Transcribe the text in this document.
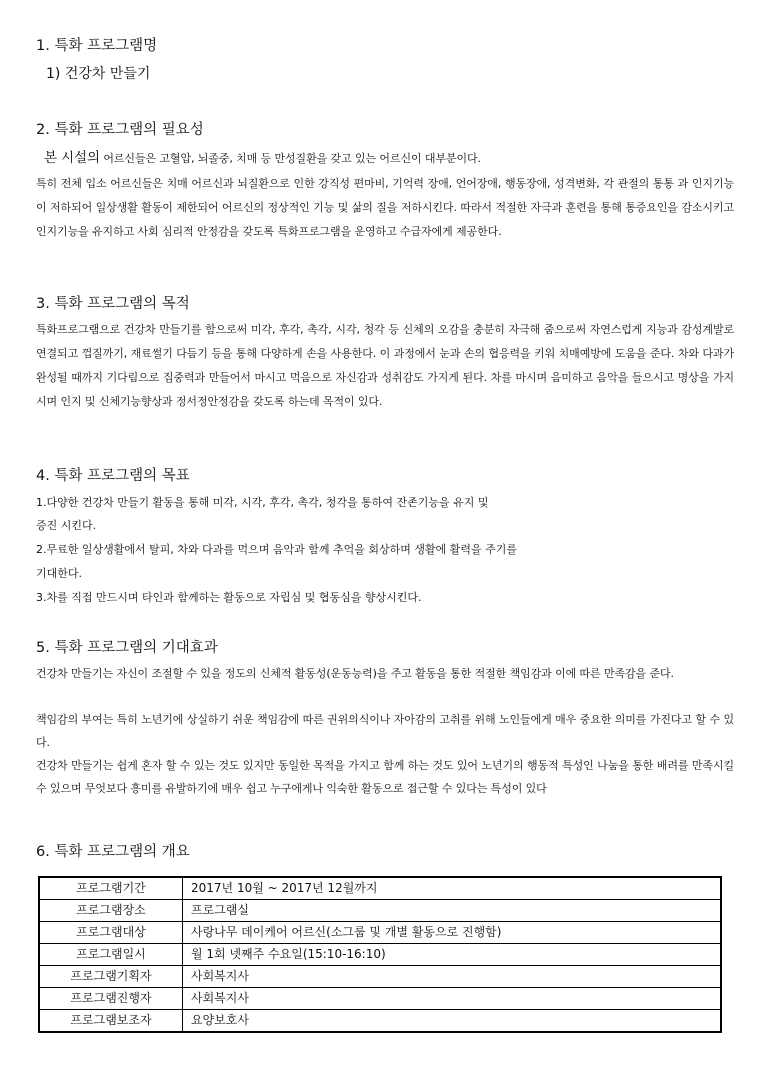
1. 특화 프로그램명

1) 건강차 만들기

2. 특화 프로그램의 필요성

본 시설의 어르신들은 고혈압, 뇌졸중, 치매 등 만성질환을 갖고 있는 어르신이 대부분이다.

특히 전체 입소 어르신들은 치매 어르신과 뇌질환으로 인한 강직성 편마비, 기억력 장애, 언어장애, 행동장애, 성격변화, 각 관절의 통통 과 인지기능이 저하되어 일상생활 활동이 제한되어 어르신의 정상적인 기능 및 삶의 질을 저하시킨다. 따라서 적절한 자극과 훈련을 통해 통증요인을 감소시키고 인지기능을 유지하고 사회 심리적 안정감을 갖도록 특화프로그램을 운영하고 수급자에게 제공한다.

3. 특화 프로그램의 목적

특화프로그램으로 건강차 만들기를 함으로써 미각, 후각, 촉각, 시각, 청각 등 신체의 오감을 충분히 자극해 줌으로써 자연스럽게 지능과 감성계발로 연결되고 껍질까기, 재료썰기 다듬기 등을 통해 다양하게 손을 사용한다. 이 과정에서 눈과 손의 협응력을 키워 치매예방에 도움을 준다. 차와 다과가 완성될 때까지 기다림으로 집중력과 만들어서 마시고 먹음으로 자신감과 성취감도 가지게 된다. 차를 마시며 음미하고 음악을 들으시고 명상을 가지시며 인지 및 신체기능향상과 정서정안정감을 갖도록 하는데 목적이 있다.

4. 특화 프로그램의 목표

1.다양한 건강차 만들기 활동을 통해 미각, 시각, 후각, 촉각, 청각을 통하여 잔존기능을 유지 및

증진 시킨다.

2.무료한 일상생활에서 탈피, 차와 다과를 먹으며 음악과 함께 추억을 회상하며 생활에 활력을 주기를

기대한다.

3.차를 직접 만드시며 타인과 함께하는 활동으로 자립심 및 협동심을 향상시킨다.

5. 특화 프로그램의 기대효과

건강차 만들기는 자신이 조절할 수 있을 정도의 신체적 활동성(운동능력)을 주고 활동을 통한 적절한 책임감과 이에 따른 만족감을 준다.

책임감의 부여는 특히 노년기에 상실하기 쉬운 책임감에 따른 권위의식이나 자아감의 고취를 위해 노인들에게 매우 중요한 의미를 가진다고 할 수 있다.

건강차 만들기는 쉽게 혼자 할 수 있는 것도 있지만 동일한 목적을 가지고 함께 하는 것도 있어 노년기의 행동적 특성인 나눔을 통한 배려를 만족시킬 수 있으며 무엇보다 흥미를 유발하기에 매우 쉽고 누구에게나 익숙한 활동으로 접근할 수 있다는 특성이 있다

6. 특화 프로그램의 개요
프로그램기간	2017년 10월 ~ 2017년 12월까지
프로그램장소	프로그램실
프로그램대상	사랑나무 데이케어 어르신(소그룹 및 개별 활동으로 진행함)
프로그램일시	월 1회 넷째주 수요일(15:10-16:10)
프로그램기획자	사회복지사
프로그램진행자	사회복지사
프로그램보조자	요양보호사
